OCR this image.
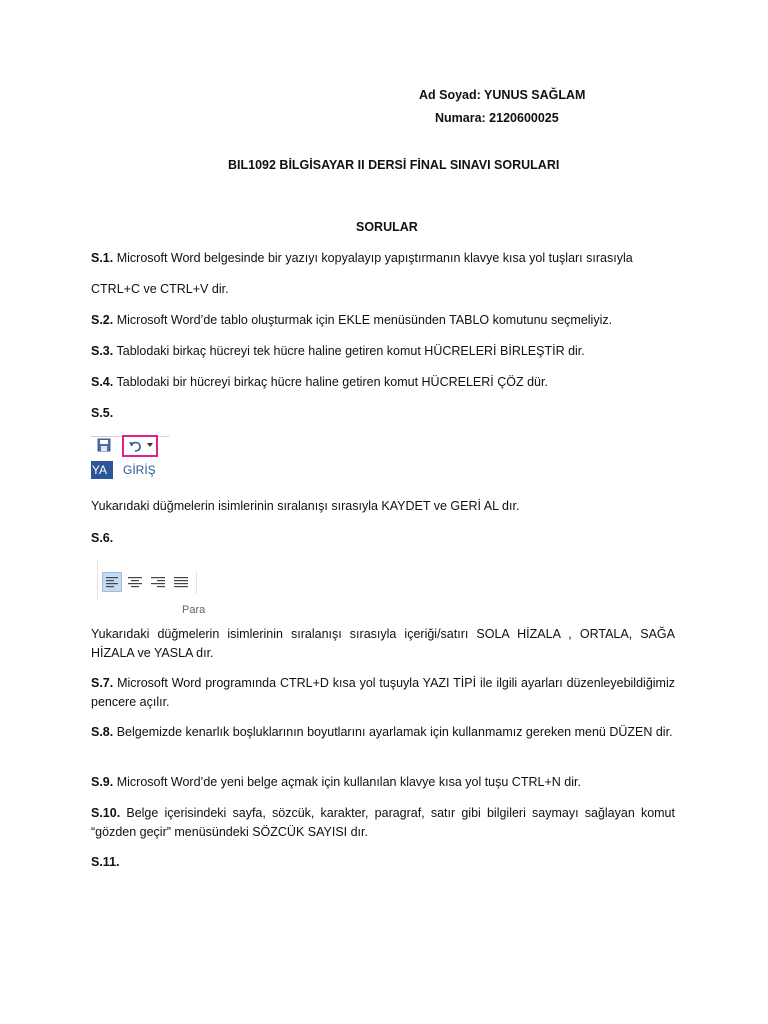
Ad Soyad: YUNUS SAĞLAM
Numara: 2120600025
BIL1092 BİLGİSAYAR II DERSİ FİNAL SINAVI SORULARI
SORULAR
S.1. Microsoft Word belgesinde bir yazıyı kopyalayıp yapıştırmanın klavye kısa yol tuşları sırasıyla
CTRL+C ve CTRL+V dir.
S.2. Microsoft Word’de tablo oluşturmak için EKLE menüsünden TABLO komutunu seçmeliyiz.
S.3. Tablodaki birkaç hücreyi tek hücre haline getiren komut HÜCRELERİ BİRLEŞTİR dir.
S.4. Tablodaki bir hücreyi birkaç hücre haline getiren komut HÜCRELERİ ÇÖZ dür.
S.5.
YA	GİRİŞ
Yukarıdaki düğmelerin isimlerinin sıralanışı sırasıyla KAYDET ve GERİ AL dır.
S.6.
Para
Yukarıdaki düğmelerin isimlerinin sıralanışı sırasıyla içeriği/satırı SOLA HİZALA , ORTALA, SAĞA HİZALA ve YASLA dır.
S.7. Microsoft Word programında CTRL+D kısa yol tuşuyla YAZI TİPİ ile ilgili ayarları düzenleyebildiğimiz pencere açılır.
S.8. Belgemizde kenarlık boşluklarının boyutlarını ayarlamak için kullanmamız gereken menü DÜZEN dir.
S.9. Microsoft Word’de yeni belge açmak için kullanılan klavye kısa yol tuşu CTRL+N dir.
S.10. Belge içerisindeki sayfa, sözcük, karakter, paragraf, satır gibi bilgileri saymayı sağlayan komut “gözden geçir” menüsündeki SÖZCÜK SAYISI dır.
S.11.
